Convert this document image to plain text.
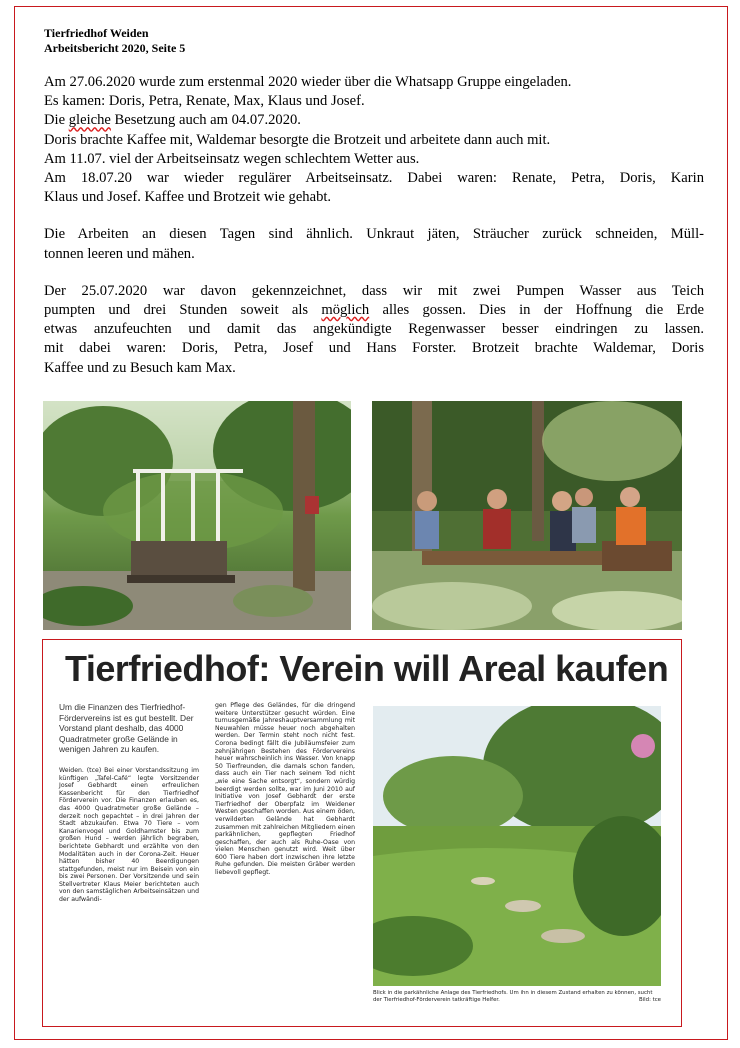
Tierfriedhof Weiden
Arbeitsbericht 2020, Seite 5

Am 27.06.2020 wurde zum erstenmal 2020 wieder über die Whatsapp Gruppe eingeladen.
Es kamen: Doris, Petra, Renate, Max, Klaus und Josef.
Die gleiche Besetzung auch am 04.07.2020.
Doris brachte Kaffee mit, Waldemar besorgte die Brotzeit und arbeitete dann auch mit.
Am 11.07. viel der Arbeitseinsatz wegen schlechtem Wetter aus.
Am 18.07.20 war wieder regulärer Arbeitseinsatz. Dabei waren: Renate, Petra, Doris, Karin
Klaus und Josef. Kaffee und Brotzeit wie gehabt.

Die Arbeiten an diesen Tagen sind ähnlich. Unkraut jäten, Sträucher zurück schneiden, Müll-
tonnen leeren und mähen.

Der 25.07.2020 war davon gekennzeichnet, dass wir mit zwei Pumpen Wasser aus Teich
pumpten und drei Stunden soweit als möglich alles gossen. Dies in der Hoffnung die Erde
etwas anzufeuchten und damit das angekündigte Regenwasser besser eindringen zu lassen.
mit dabei waren: Doris, Petra, Josef und Hans Forster. Brotzeit brachte Waldemar, Doris
Kaffee und zu Besuch kam Max.

Tierfriedhof: Verein will Areal kaufen
Um die Finanzen des Tierfriedhof-Fördervereins ist es gut bestellt. Der Vorstand plant deshalb, das 4000 Quadratmeter große Gelände in wenigen Jahren zu kaufen.
Weiden. (tce) Bei einer Vorstandssitzung im künftigen „Tafel-Café“ legte Vorsitzender Josef Gebhardt einen erfreulichen Kassenbericht für den Tierfriedhof Förderverein vor. Die Finanzen erlauben es, das 4000 Quadratmeter große Gelände – derzeit noch gepachtet – in drei Jahren der Stadt abzukaufen. Etwa 70 Tiere – vom Kanarienvogel und Goldhamster bis zum großen Hund – werden jährlich begraben, berichtete Gebhardt und erzählte von den Modalitäten auch in der Corona-Zeit. Heuer hätten bisher 40 Beerdigungen stattgefunden, meist nur im Beisein von ein bis zwei Personen. Der Vorsitzende und sein Stellvertreter Klaus Meier berichteten auch von den samstäglichen Arbeitseinsätzen und der aufwändi-
gen Pflege des Geländes, für die dringend weitere Unterstützer gesucht würden. Eine turnusgemäße Jahreshauptversammlung mit Neuwahlen müsse heuer noch abgehalten werden. Der Termin steht noch nicht fest. Corona bedingt fällt die Jubiläumsfeier zum zehnjährigen Bestehen des Fördervereins heuer wahrscheinlich ins Wasser. Von knapp 50 Tierfreunden, die damals schon fanden, dass auch ein Tier nach seinem Tod nicht „wie eine Sache entsorgt“, sondern würdig beerdigt werden sollte, war im Juni 2010 auf Initiative von Josef Gebhardt der erste Tierfriedhof der Oberpfalz im Weidener Westen geschaffen worden. Aus einem öden, verwilderten Gelände hat Gebhardt zusammen mit zahlreichen Mitgliedern einen parkähnlichen, gepflegten Friedhof geschaffen, der auch als Ruhe-Oase von vielen Menschen genutzt wird. Weit über 600 Tiere haben dort inzwischen ihre letzte Ruhe gefunden. Die meisten Gräber werden liebevoll gepflegt.
Blick in die parkähnliche Anlage des Tierfriedhofs. Um ihn in diesem Zustand erhalten zu können, sucht der Tierfriedhof-Förderverein tatkräftige Helfer.	Bild: tce
